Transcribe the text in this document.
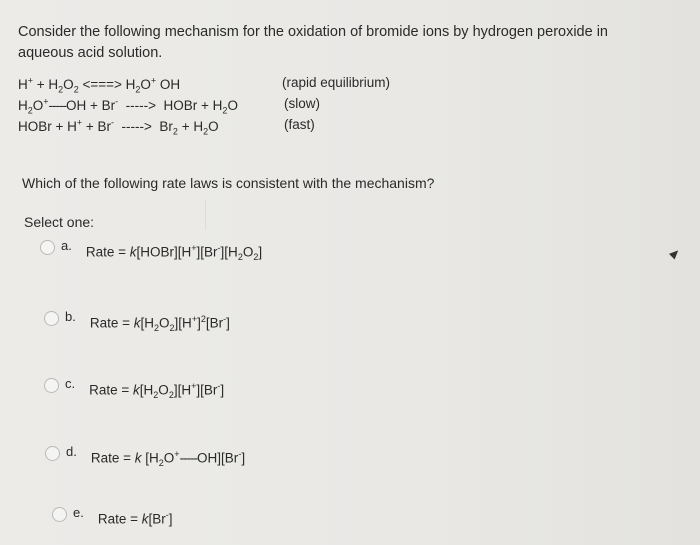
Consider the following mechanism for the oxidation of bromide ions by hydrogen peroxide in aqueous acid solution.
$H^+ + H_2O_2$ <===> $H_2O^+$ OH	(rapid equilibrium)
$H_2O^+-----OH + Br^-$  ----->  HOBr + $H_2O$	(slow)
HOBr + H+ + Br-  ----->  $Br_2 + H_2O$	(fast)
Which of the following rate laws is consistent with the mechanism?
Select one:
a. Rate = $k[HOBr][H^+][Br^-][H_2O_2]$
b. Rate = $k[H_2O_2][H^+]^2[Br^-]$
c. Rate = $k[H_2O_2][H^+][Br^-]$
d. Rate = k $[H_2O^+-----OH][Br^-]$
e. Rate = k[Br-]
